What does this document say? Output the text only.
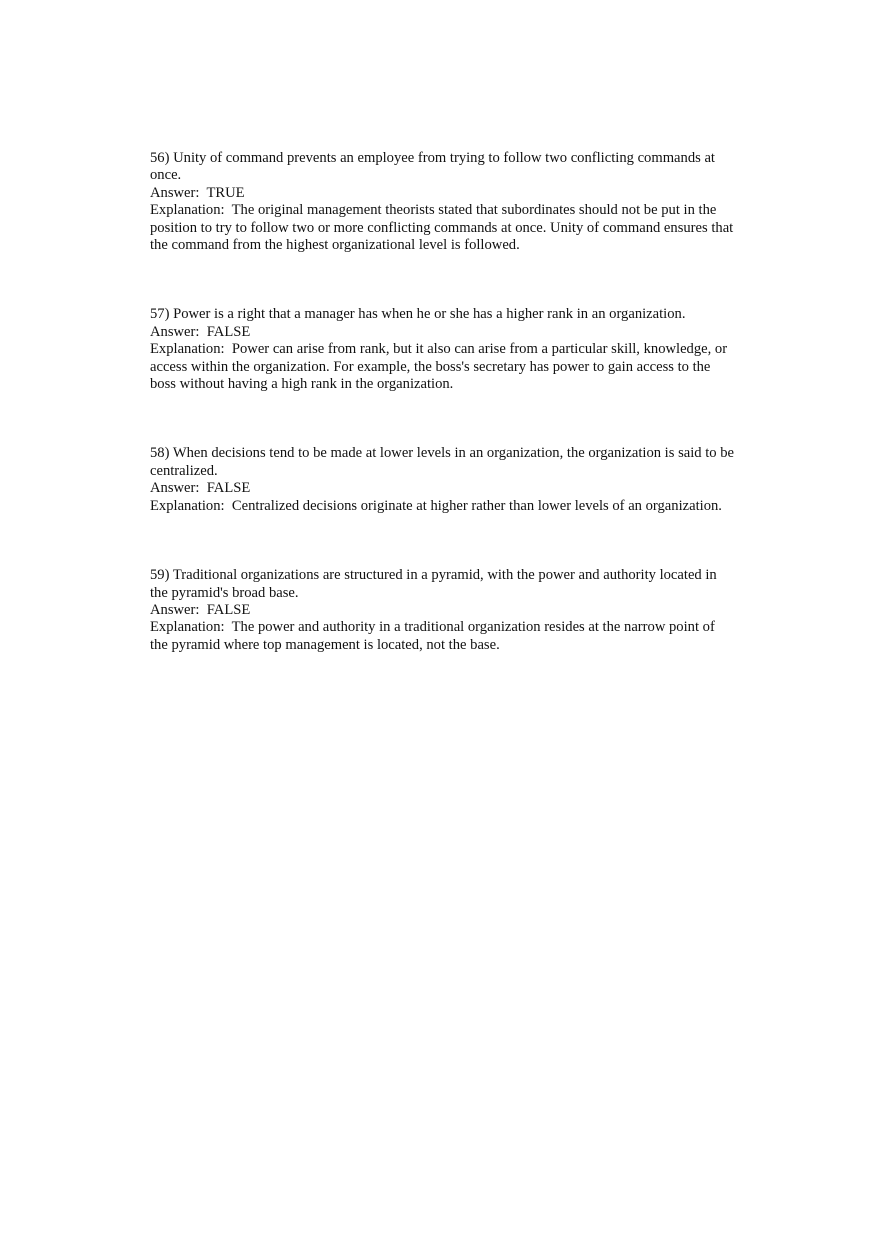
56) Unity of command prevents an employee from trying to follow two conflicting commands at once.

Answer:  TRUE

Explanation:  The original management theorists stated that subordinates should not be put in the position to try to follow two or more conflicting commands at once. Unity of command ensures that the command from the highest organizational level is followed.

57) Power is a right that a manager has when he or she has a higher rank in an organization.

Answer:  FALSE

Explanation:  Power can arise from rank, but it also can arise from a particular skill, knowledge, or access within the organization. For example, the boss's secretary has power to gain access to the boss without having a high rank in the organization.

58) When decisions tend to be made at lower levels in an organization, the organization is said to be centralized.

Answer:  FALSE

Explanation:  Centralized decisions originate at higher rather than lower levels of an organization.

59) Traditional organizations are structured in a pyramid, with the power and authority located in the pyramid's broad base.

Answer:  FALSE

Explanation:  The power and authority in a traditional organization resides at the narrow point of the pyramid where top management is located, not the base.
